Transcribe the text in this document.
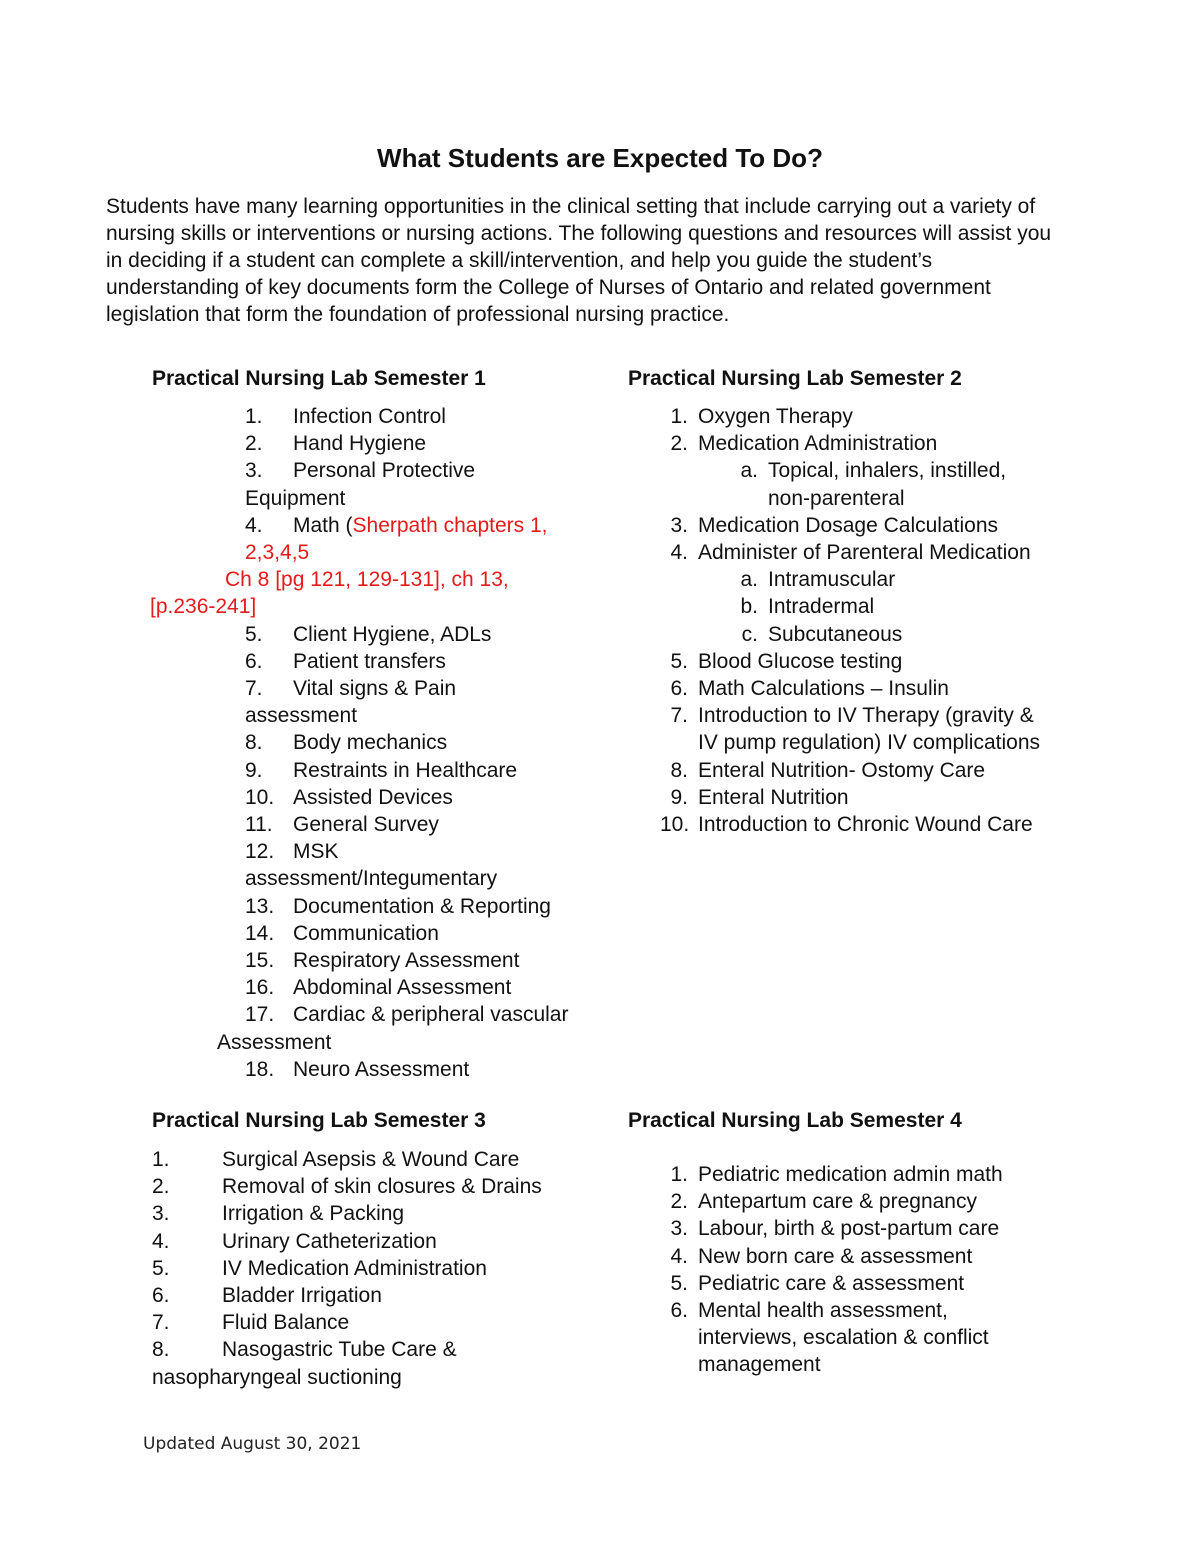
What Students are Expected To Do?

Students have many learning opportunities in the clinical setting that include carrying out a variety of nursing skills or interventions or nursing actions. The following questions and resources will assist you in deciding if a student can complete a skill/intervention, and help you guide the student’s understanding of key documents form the College of Nurses of Ontario and related government legislation that form the foundation of professional nursing practice.

Practical Nursing Lab Semester 1	Practical Nursing Lab Semester 2

Practical Nursing Lab Semester 3	Practical Nursing Lab Semester 4

1. Infection Control
2. Hand Hygiene
3. Personal Protective
Equipment
4. Math (Sherpath chapters 1,
2,3,4,5
Ch 8 [pg 121, 129-131], ch 13,
[p.236-241]
5. Client Hygiene, ADLs
6. Patient transfers
7. Vital signs & Pain
assessment
8. Body mechanics
9. Restraints in Healthcare
10. Assisted Devices
11. General Survey
12. MSK
assessment/Integumentary
13. Documentation & Reporting
14. Communication
15. Respiratory Assessment
16. Abdominal Assessment
17. Cardiac & peripheral vascular
Assessment
18. Neuro Assessment
1. Oxygen Therapy
2. Medication Administration
a. Topical, inhalers, instilled,
non-parenteral
3. Medication Dosage Calculations
4. Administer of Parenteral Medication
a. Intramuscular
b. Intradermal
c. Subcutaneous
5. Blood Glucose testing
6. Math Calculations – Insulin
7. Introduction to IV Therapy (gravity &
IV pump regulation) IV complications
8. Enteral Nutrition- Ostomy Care
9. Enteral Nutrition
10. Introduction to Chronic Wound Care
1. Surgical Asepsis & Wound Care
2. Removal of skin closures & Drains
3. Irrigation & Packing
4. Urinary Catheterization
5. IV Medication Administration
6. Bladder Irrigation
7. Fluid Balance
8. Nasogastric Tube Care &
nasopharyngeal suctioning
1. Pediatric medication admin math
2. Antepartum care & pregnancy
3. Labour, birth & post-partum care
4. New born care & assessment
5. Pediatric care & assessment
6. Mental health assessment,
interviews, escalation & conflict
management
Updated August 30, 2021
